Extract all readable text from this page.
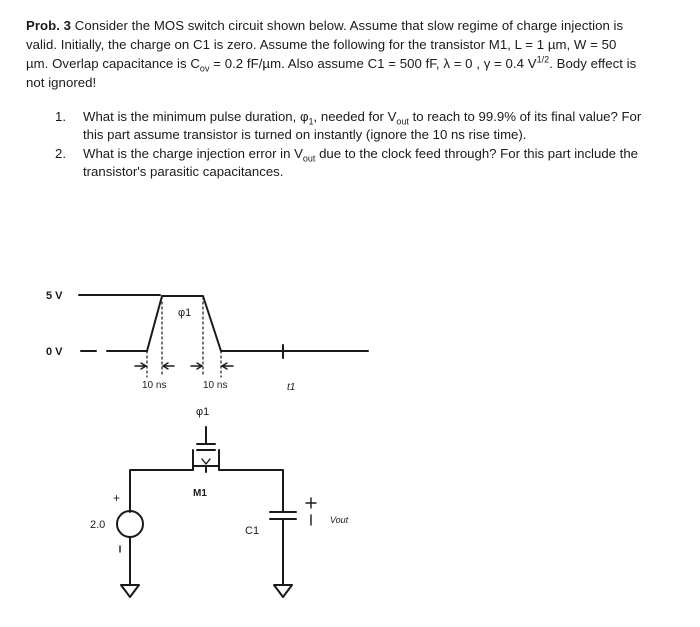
Prob. 3 Consider the MOS switch circuit shown below. Assume that slow regime of charge injection is
valid. Initially, the charge on C1 is zero. Assume the following for the transistor M1, L = 1 µm, W = 50
µm. Overlap capacitance is $C_{ov} = 0.2$ fF/µm. Also assume C1 = 500 fF, λ = 0 , γ = 0.4 $V^{1/2}$. Body effect is
not ignored!
1.	What is the minimum pulse duration, $\varphi_1$, needed for $V_{out}$ to reach to 99.9% of its final value? For
this part assume transistor is turned on instantly (ignore the 10 ns rise time).
2.	What is the charge injection error in $V_{out}$ due to the clock feed through? For this part include the
transistor's parasitic capacitances.
5 V
0 V
φ1
10 ns	10 ns	t1
φ1
M1
+
2.0	C1
Vout
